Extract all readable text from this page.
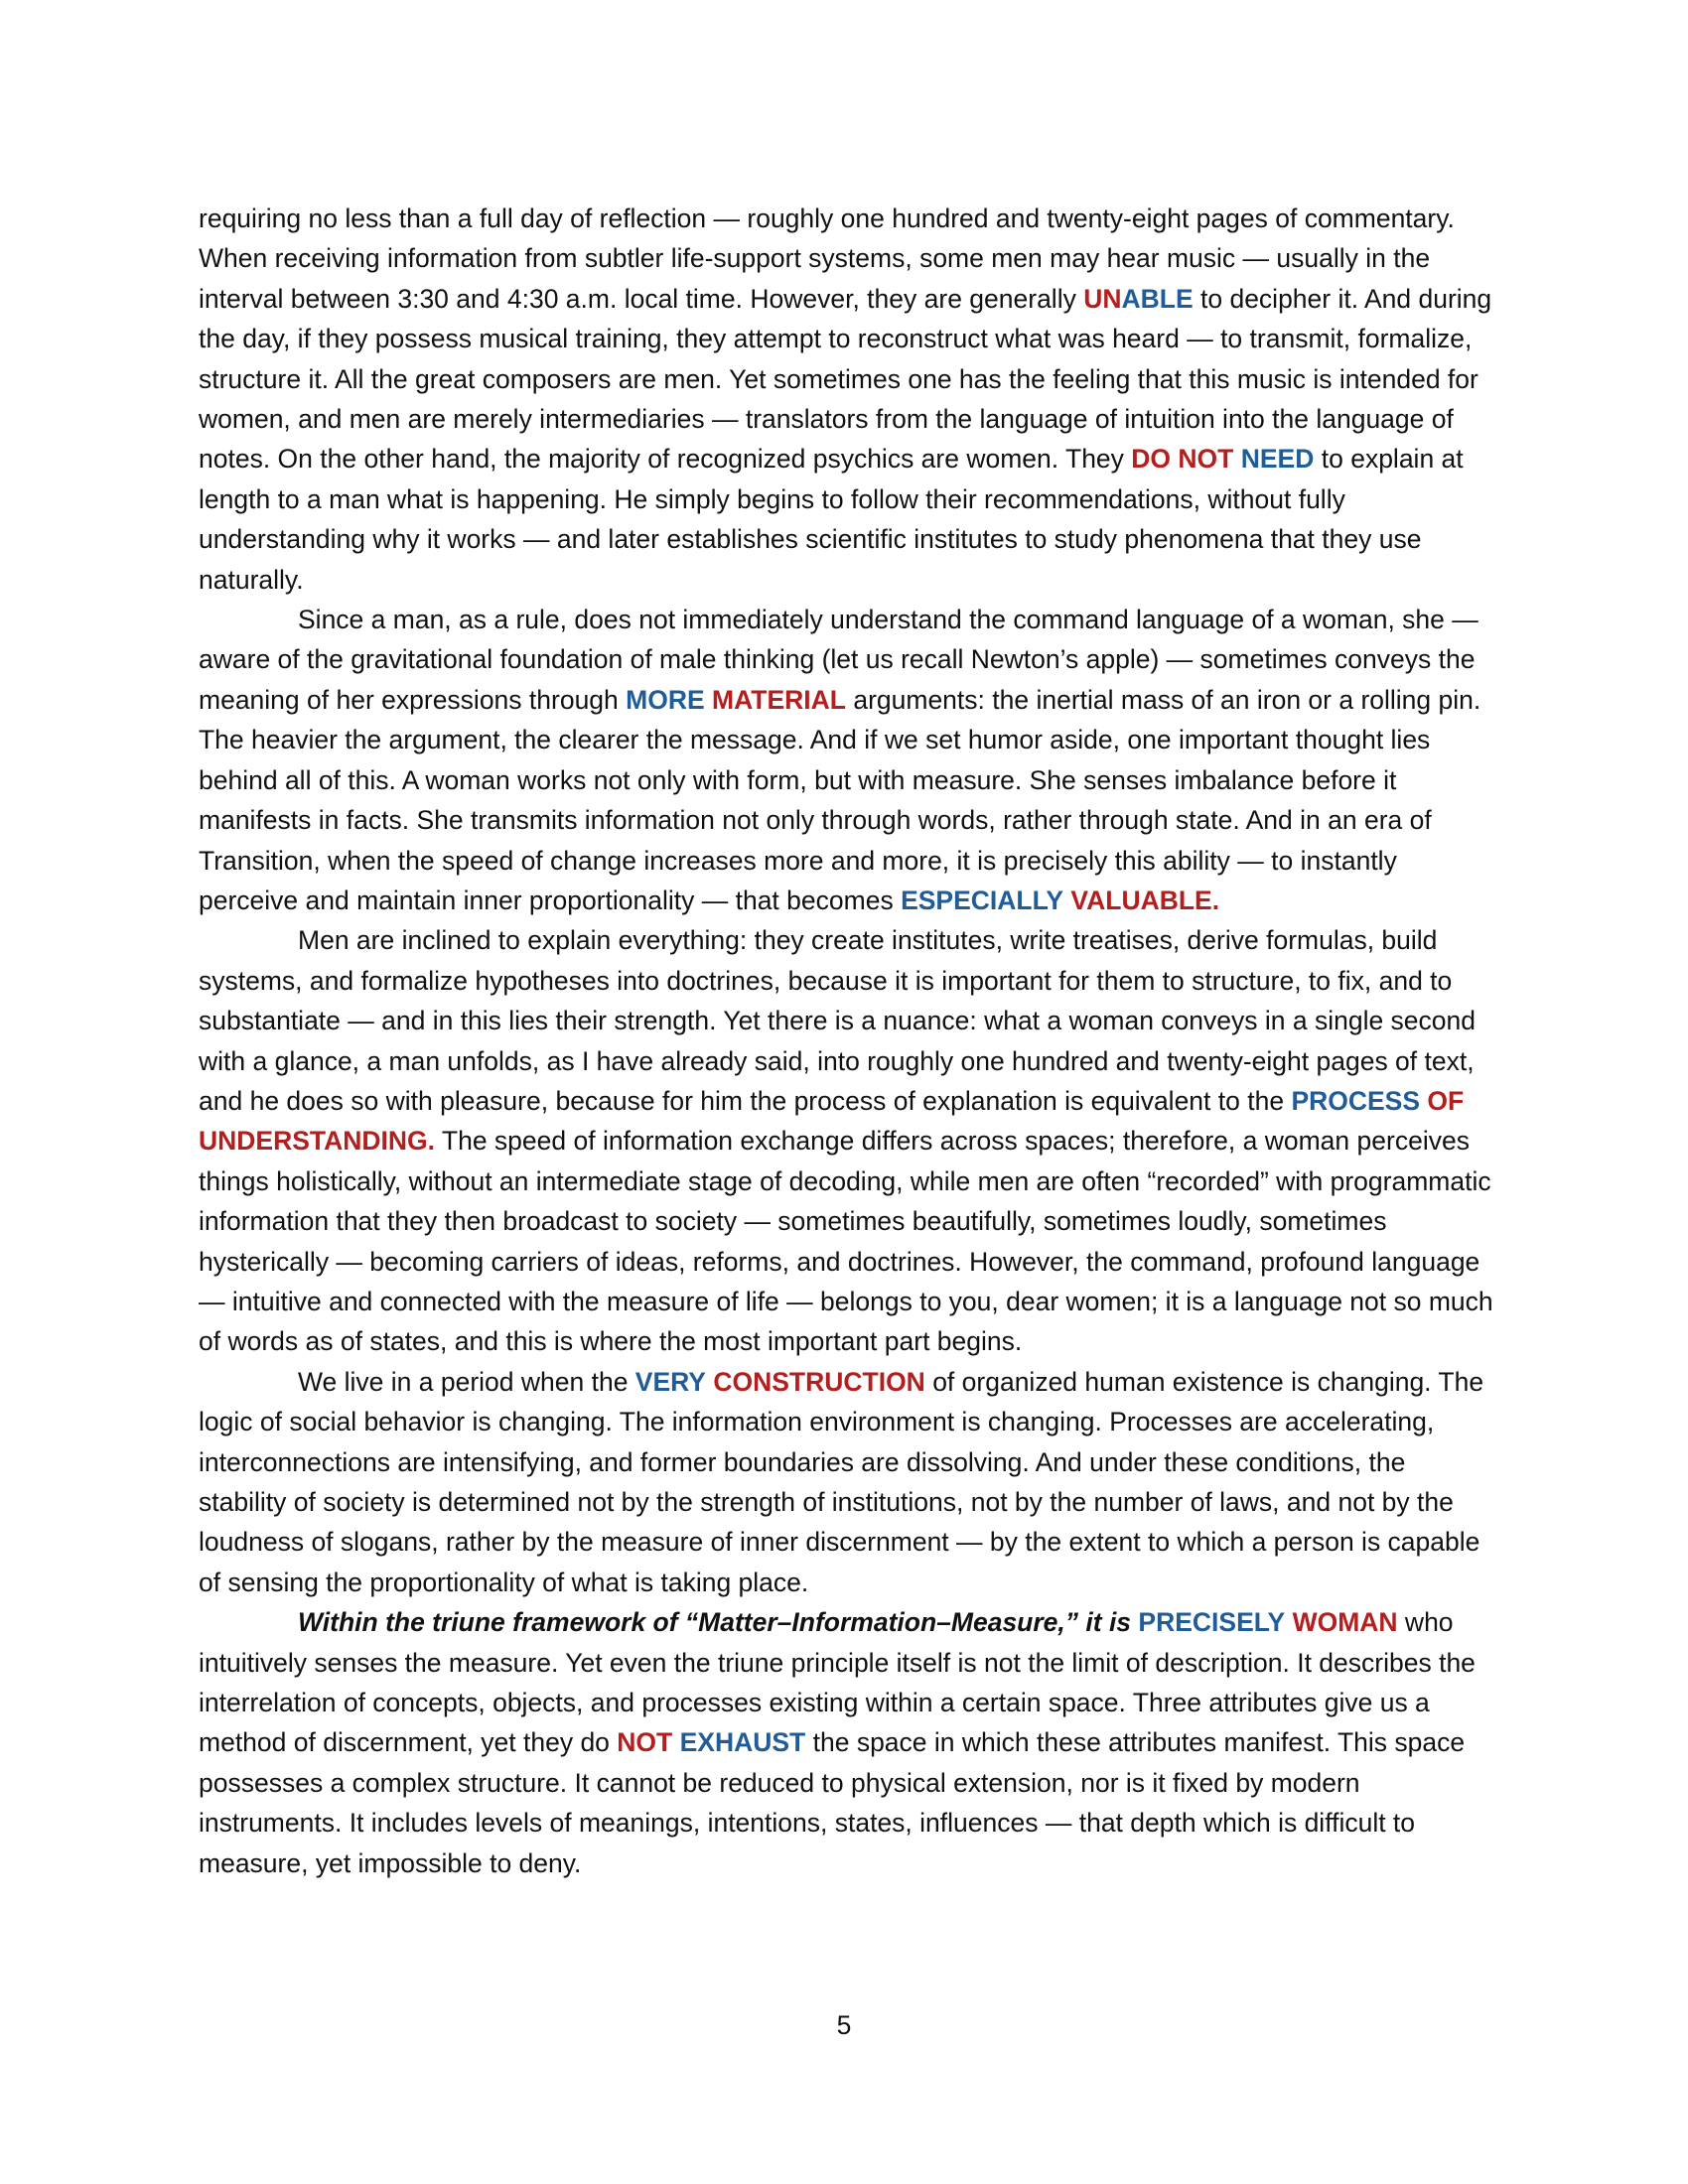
requiring no less than a full day of reflection — roughly one hundred and twenty-eight pages of commentary. When receiving information from subtler life-support systems, some men may hear music — usually in the interval between 3:30 and 4:30 a.m. local time. However, they are generally UNABLE to decipher it. And during the day, if they possess musical training, they attempt to reconstruct what was heard — to transmit, formalize, structure it. All the great composers are men. Yet sometimes one has the feeling that this music is intended for women, and men are merely intermediaries — translators from the language of intuition into the language of notes. On the other hand, the majority of recognized psychics are women. They DO NOT NEED to explain at length to a man what is happening. He simply begins to follow their recommendations, without fully understanding why it works — and later establishes scientific institutes to study phenomena that they use naturally.

Since a man, as a rule, does not immediately understand the command language of a woman, she — aware of the gravitational foundation of male thinking (let us recall Newton’s apple) — sometimes conveys the meaning of her expressions through MORE MATERIAL arguments: the inertial mass of an iron or a rolling pin. The heavier the argument, the clearer the message. And if we set humor aside, one important thought lies behind all of this. A woman works not only with form, but with measure. She senses imbalance before it manifests in facts. She transmits information not only through words, rather through state. And in an era of Transition, when the speed of change increases more and more, it is precisely this ability — to instantly perceive and maintain inner proportionality — that becomes ESPECIALLY VALUABLE.

Men are inclined to explain everything: they create institutes, write treatises, derive formulas, build systems, and formalize hypotheses into doctrines, because it is important for them to structure, to fix, and to substantiate — and in this lies their strength. Yet there is a nuance: what a woman conveys in a single second with a glance, a man unfolds, as I have already said, into roughly one hundred and twenty-eight pages of text, and he does so with pleasure, because for him the process of explanation is equivalent to the PROCESS OF UNDERSTANDING. The speed of information exchange differs across spaces; therefore, a woman perceives things holistically, without an intermediate stage of decoding, while men are often “recorded” with programmatic information that they then broadcast to society — sometimes beautifully, sometimes loudly, sometimes hysterically — becoming carriers of ideas, reforms, and doctrines. However, the command, profound language — intuitive and connected with the measure of life — belongs to you, dear women; it is a language not so much of words as of states, and this is where the most important part begins.

We live in a period when the VERY CONSTRUCTION of organized human existence is changing. The logic of social behavior is changing. The information environment is changing. Processes are accelerating, interconnections are intensifying, and former boundaries are dissolving. And under these conditions, the stability of society is determined not by the strength of institutions, not by the number of laws, and not by the loudness of slogans, rather by the measure of inner discernment — by the extent to which a person is capable of sensing the proportionality of what is taking place.

Within the triune framework of “Matter–Information–Measure,” it is PRECISELY WOMAN who intuitively senses the measure. Yet even the triune principle itself is not the limit of description. It describes the interrelation of concepts, objects, and processes existing within a certain space. Three attributes give us a method of discernment, yet they do NOT EXHAUST the space in which these attributes manifest. This space possesses a complex structure. It cannot be reduced to physical extension, nor is it fixed by modern instruments. It includes levels of meanings, intentions, states, influences — that depth which is difficult to measure, yet impossible to deny.

5
